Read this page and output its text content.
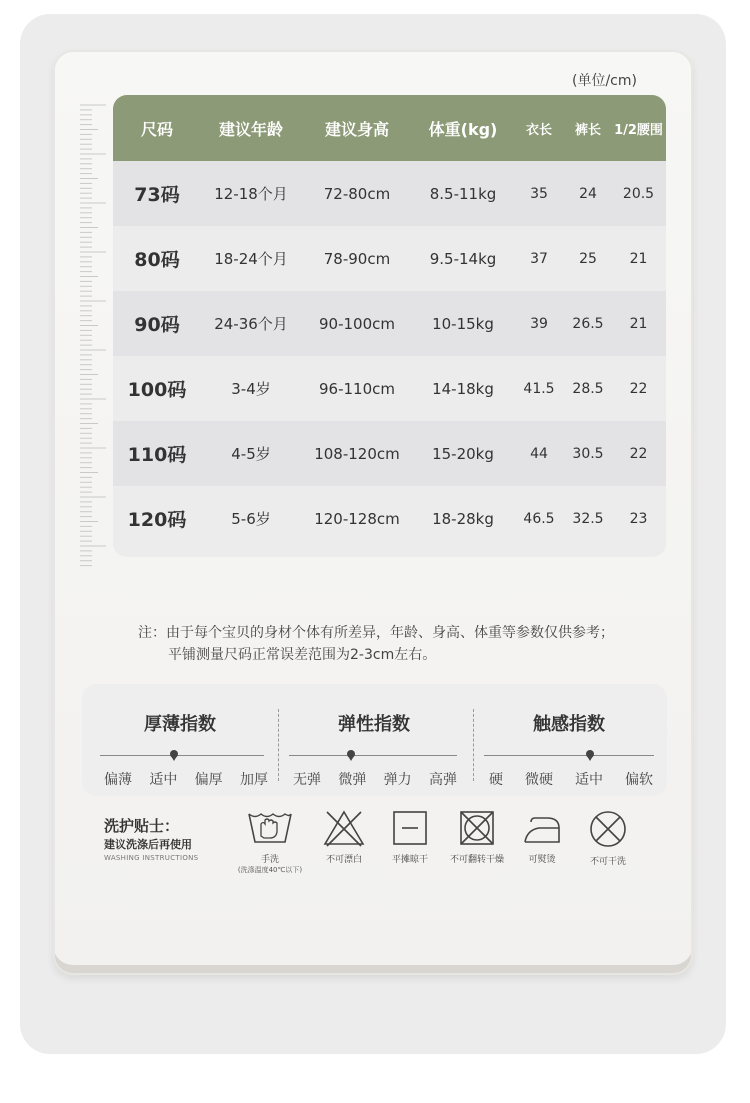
(单位/cm)
尺码	建议年龄	建议身高	体重(kg)	衣长	裤长	1/2腰围
73码	12-18个月	72-80cm	8.5-11kg	35	24	20.5
80码	18-24个月	78-90cm	9.5-14kg	37	25	21
90码	24-36个月	90-100cm	10-15kg	39	26.5	21
100码	3-4岁	96-110cm	14-18kg	41.5	28.5	22
110码	4-5岁	108-120cm	15-20kg	44	30.5	22
120码	5-6岁	120-128cm	18-28kg	46.5	32.5	23
注：由于每个宝贝的身材个体有所差异，年龄、身高、体重等参数仅供参考；
平铺测量尺码正常误差范围为2-3cm左右。
厚薄指数
偏薄 适中 偏厚 加厚
弹性指数
无弹 微弹 弹力 高弹
触感指数
硬 微硬 适中 偏软
洗护贴士：
建议洗涤后再使用
WASHING INSTRUCTIONS	手洗
(洗涤温度40℃以下)
不可漂白	平摊晾干	不可翻转干燥	可熨烫	不可干洗
